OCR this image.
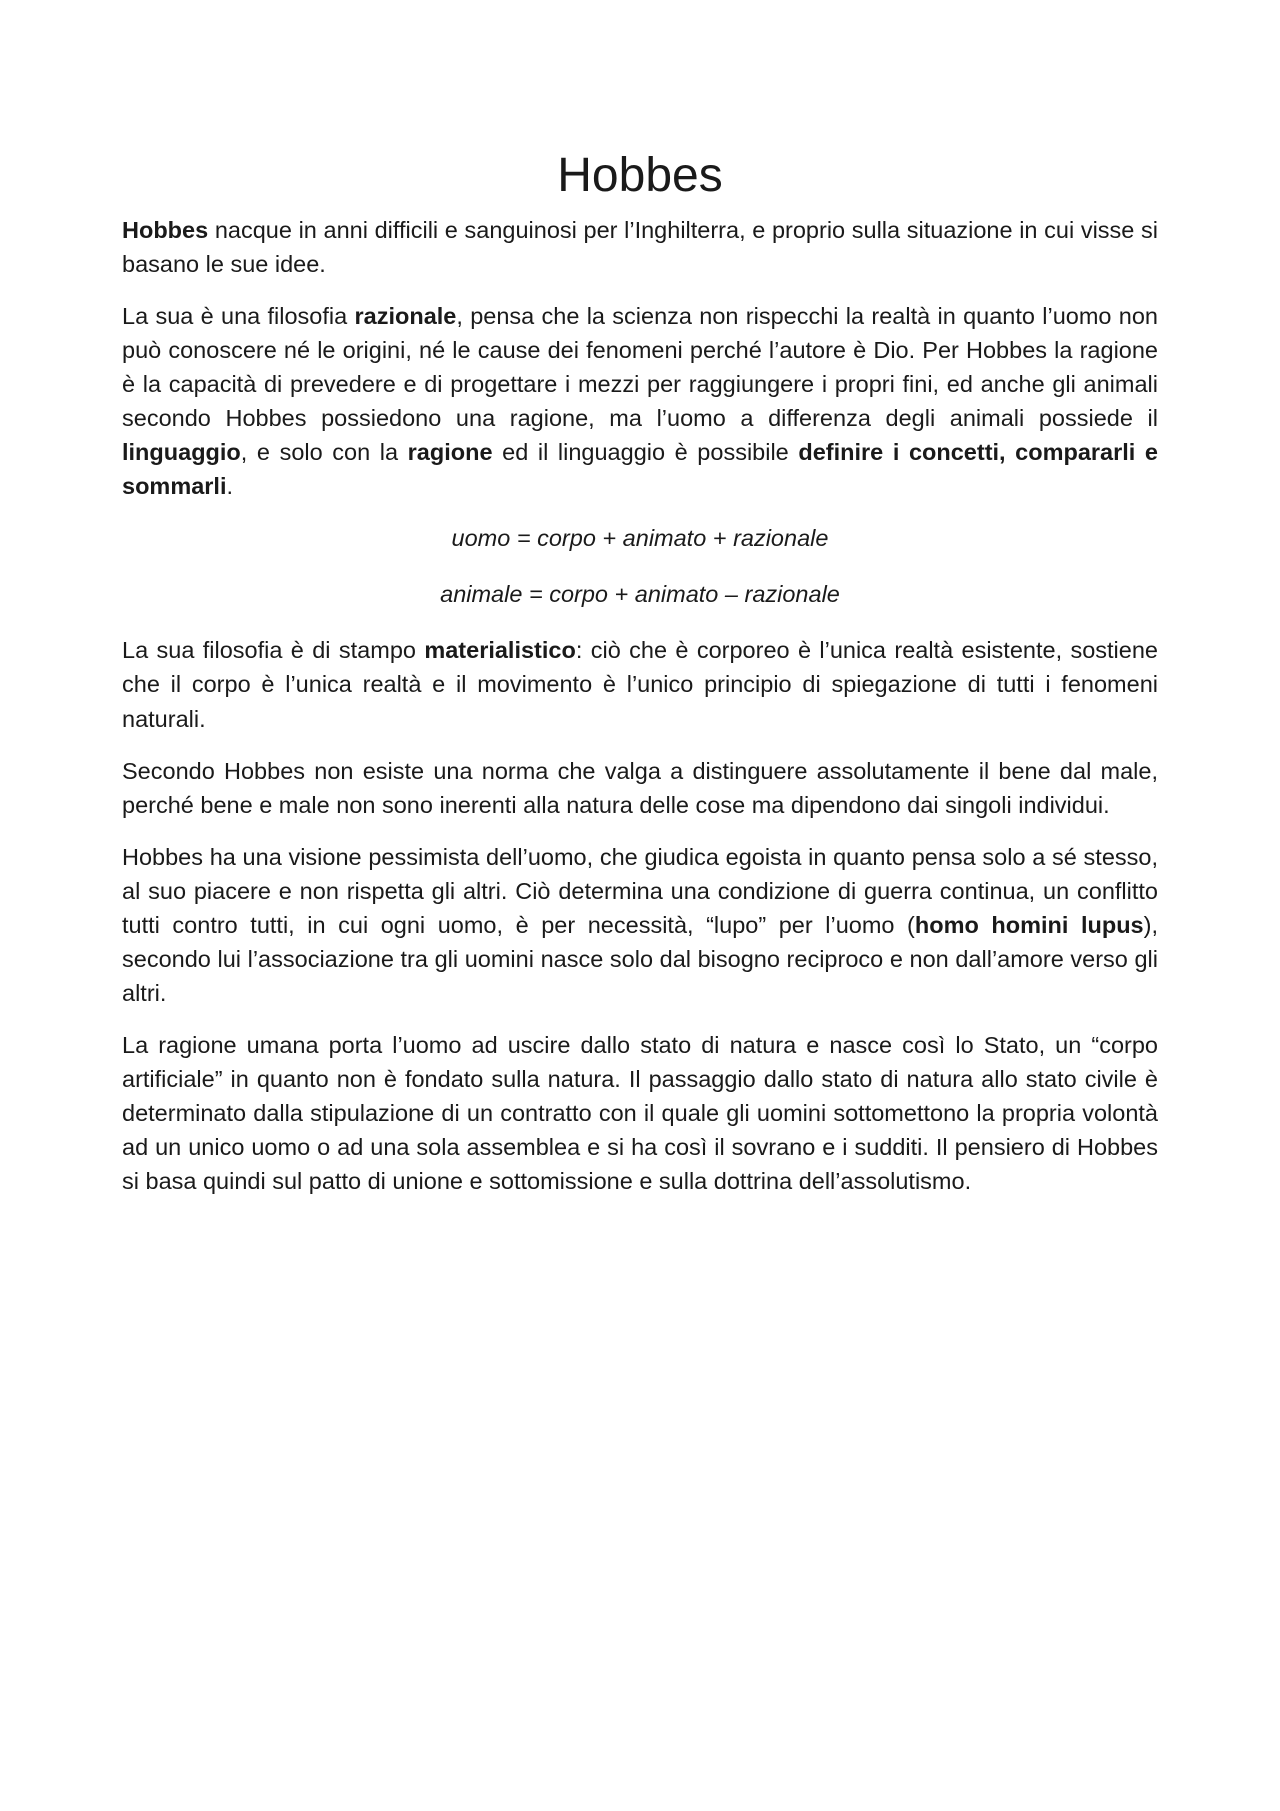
Hobbes

Hobbes nacque in anni difficili e sanguinosi per l’Inghilterra, e proprio sulla situazione in cui visse si basano le sue idee.

La sua è una filosofia razionale, pensa che la scienza non rispecchi la realtà in quanto l’uomo non può conoscere né le origini, né le cause dei fenomeni perché l’autore è Dio. Per Hobbes la ragione è la capacità di prevedere e di progettare i mezzi per raggiungere i propri fini, ed anche gli animali secondo Hobbes possiedono una ragione, ma l’uomo a differenza degli animali possiede il linguaggio, e solo con la ragione ed il linguaggio è possibile definire i concetti, compararli e sommarli.

uomo = corpo + animato + razionale

animale = corpo + animato – razionale

La sua filosofia è di stampo materialistico: ciò che è corporeo è l’unica realtà esistente, sostiene che il corpo è l’unica realtà e il movimento è l’unico principio di spiegazione di tutti i fenomeni naturali.

Secondo Hobbes non esiste una norma che valga a distinguere assolutamente il bene dal male, perché bene e male non sono inerenti alla natura delle cose ma dipendono dai singoli individui.

Hobbes ha una visione pessimista dell’uomo, che giudica egoista in quanto pensa solo a sé stesso, al suo piacere e non rispetta gli altri. Ciò determina una condizione di guerra continua, un conflitto tutti contro tutti, in cui ogni uomo, è per necessità, “lupo” per l’uomo (homo homini lupus), secondo lui l’associazione tra gli uomini nasce solo dal bisogno reciproco e non dall’amore verso gli altri.

La ragione umana porta l’uomo ad uscire dallo stato di natura e nasce così lo Stato, un “corpo artificiale” in quanto non è fondato sulla natura. Il passaggio dallo stato di natura allo stato civile è determinato dalla stipulazione di un contratto con il quale gli uomini sottomettono la propria volontà ad un unico uomo o ad una sola assemblea e si ha così il sovrano e i sudditi. Il pensiero di Hobbes si basa quindi sul patto di unione e sottomissione e sulla dottrina dell’assolutismo.
